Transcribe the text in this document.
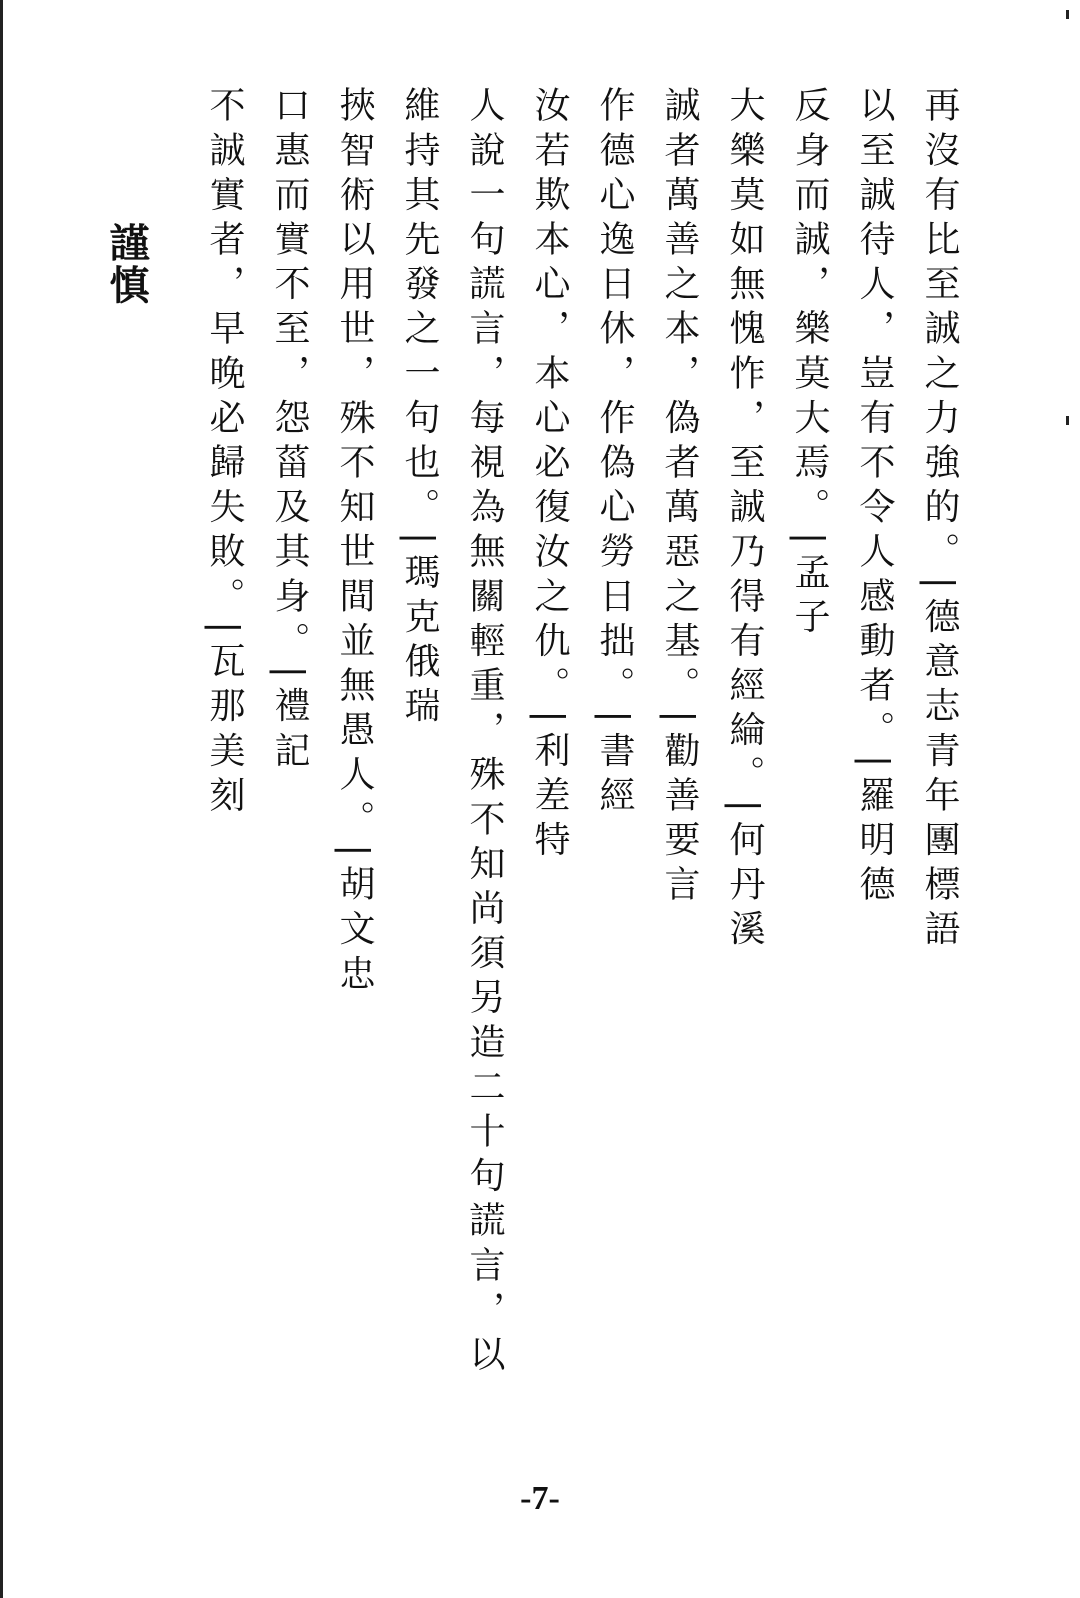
再沒有比至誠之力強的。|德意志青年團標語
以至誠待人，豈有不令人感動者。|羅明德
反身而誠，樂莫大焉。|孟子
大樂莫如無愧怍，至誠乃得有經綸。|何丹溪
誠者萬善之本，偽者萬惡之基。|勸善要言
作德心逸日休，作偽心勞日拙。|書經
汝若欺本心，本心必復汝之仇。|利差特
人說一句謊言，每視為無關輕重，殊不知尚須另造二十句謊言，以
維持其先發之一句也。|瑪克俄瑞
挾智術以用世，殊不知世間並無愚人。|胡文忠
口惠而實不至，怨菑及其身。|禮記
不誠實者，早晚必歸失敗。|瓦那美刻
謹慎
-7-
